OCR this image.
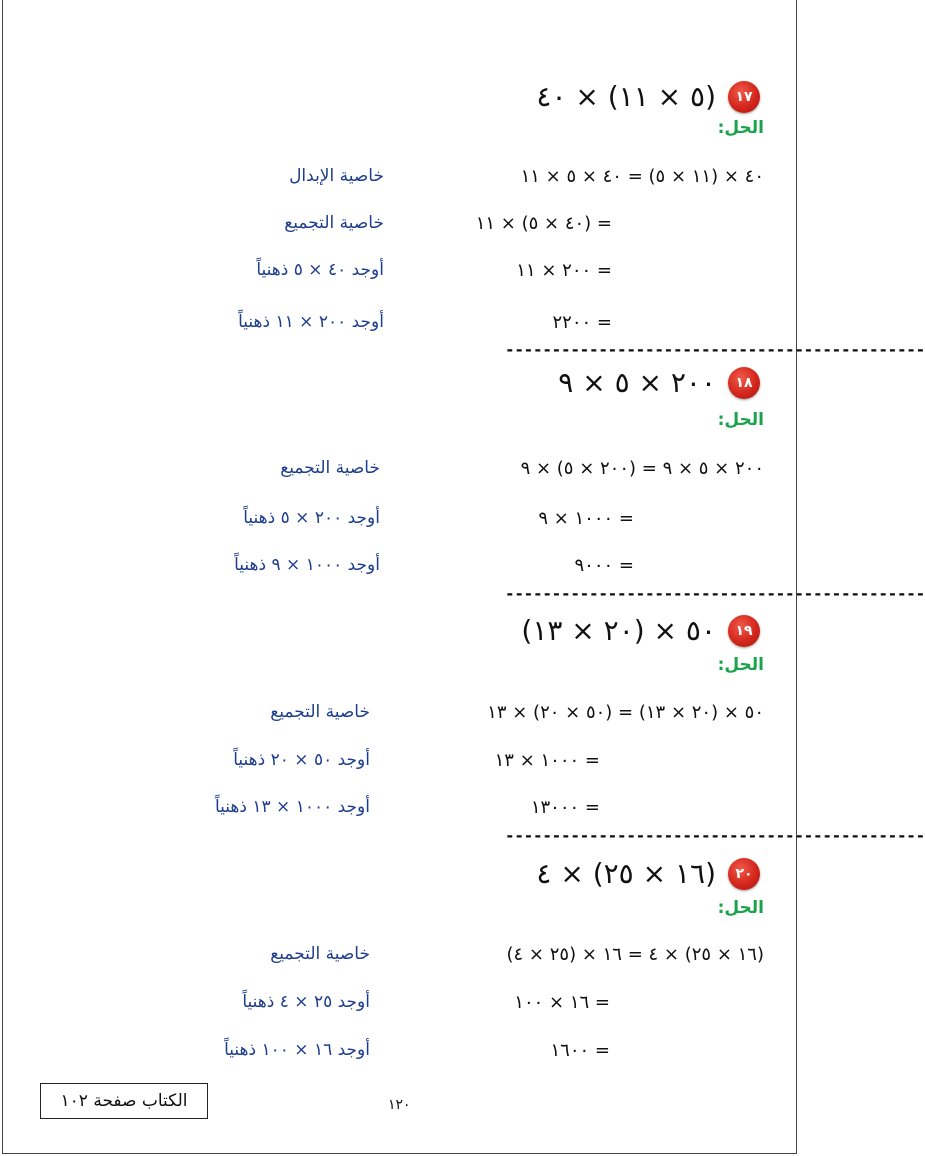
١٧
(٥ × ١١) × ٤٠
الحل:
٤٠ × (١١ × ٥) = ٤٠ × ٥ × ١١
خاصية الإبدال
= (٤٠ × ٥) × ١١
خاصية التجميع
= ٢٠٠ × ١١
أوجد ٤٠ × ٥ ذهنياً
= ٢٢٠٠
أوجد ٢٠٠ × ١١ ذهنياً
---------------------------------------------
١٨
٢٠٠ × ٥ × ٩
الحل:
٢٠٠ × ٥ × ٩ = (٢٠٠ × ٥) × ٩
خاصية التجميع
= ١٠٠٠ × ٩
أوجد ٢٠٠ × ٥ ذهنياً
= ٩٠٠٠
أوجد ١٠٠٠ × ٩ ذهنياً
---------------------------------------------
١٩
٥٠ × (٢٠ × ١٣)
الحل:
٥٠ × (٢٠ × ١٣) = (٥٠ × ٢٠) × ١٣
خاصية التجميع
= ١٠٠٠ × ١٣
أوجد ٥٠ × ٢٠ ذهنياً
= ١٣٠٠٠
أوجد ١٠٠٠ × ١٣ ذهنياً
---------------------------------------------
٢٠
(١٦ × ٢٥) × ٤
الحل:
(١٦ × ٢٥) × ٤ = ١٦ × (٢٥ × ٤)
خاصية التجميع
= ١٦ × ١٠٠
أوجد ٢٥ × ٤ ذهنياً
= ١٦٠٠
أوجد ١٦ × ١٠٠ ذهنياً
الكتاب صفحة ١٠٢	١٢٠
